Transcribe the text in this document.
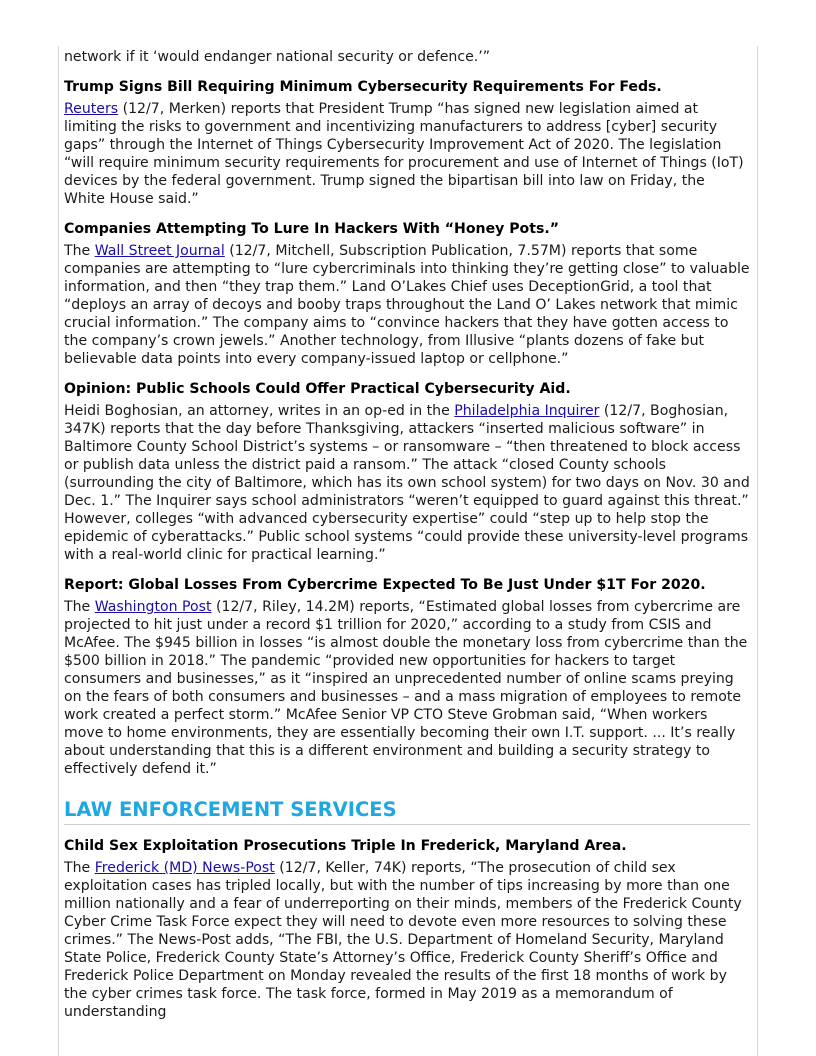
network if it ‘would endanger national security or defence.’”

Trump Signs Bill Requiring Minimum Cybersecurity Requirements For Feds.

Reuters (12/7, Merken) reports that President Trump “has signed new legislation aimed at limiting the risks to government and incentivizing manufacturers to address [cyber] security gaps” through the Internet of Things Cybersecurity Improvement Act of 2020. The legislation “will require minimum security requirements for procurement and use of Internet of Things (IoT) devices by the federal government. Trump signed the bipartisan bill into law on Friday, the White House said.”

Companies Attempting To Lure In Hackers With “Honey Pots.”

The Wall Street Journal (12/7, Mitchell, Subscription Publication, 7.57M) reports that some companies are attempting to “lure cybercriminals into thinking they’re getting close” to valuable information, and then “they trap them.” Land O’Lakes Chief uses DeceptionGrid, a tool that “deploys an array of decoys and booby traps throughout the Land O’ Lakes network that mimic crucial information.” The company aims to “convince hackers that they have gotten access to the company’s crown jewels.” Another technology, from Illusive “plants dozens of fake but believable data points into every company-issued laptop or cellphone.”

Opinion: Public Schools Could Offer Practical Cybersecurity Aid.

Heidi Boghosian, an attorney, writes in an op-ed in the Philadelphia Inquirer (12/7, Boghosian, 347K) reports that the day before Thanksgiving, attackers “inserted malicious software” in Baltimore County School District’s systems – or ransomware – “then threatened to block access or publish data unless the district paid a ransom.” The attack “closed County schools (surrounding the city of Baltimore, which has its own school system) for two days on Nov. 30 and Dec. 1.” The Inquirer says school administrators “weren’t equipped to guard against this threat.” However, colleges “with advanced cybersecurity expertise” could “step up to help stop the epidemic of cyberattacks.” Public school systems “could provide these university-level programs with a real-world clinic for practical learning.”

Report: Global Losses From Cybercrime Expected To Be Just Under $1T For 2020.

The Washington Post (12/7, Riley, 14.2M) reports, “Estimated global losses from cybercrime are projected to hit just under a record $1 trillion for 2020,” according to a study from CSIS and McAfee. The $945 billion in losses “is almost double the monetary loss from cybercrime than the $500 billion in 2018.” The pandemic “provided new opportunities for hackers to target consumers and businesses,” as it “inspired an unprecedented number of online scams preying on the fears of both consumers and businesses – and a mass migration of employees to remote work created a perfect storm.” McAfee Senior VP CTO Steve Grobman said, “When workers move to home environments, they are essentially becoming their own I.T. support. ... It’s really about understanding that this is a different environment and building a security strategy to effectively defend it.”

LAW ENFORCEMENT SERVICES
Child Sex Exploitation Prosecutions Triple In Frederick, Maryland Area.

The Frederick (MD) News-Post (12/7, Keller, 74K) reports, “The prosecution of child sex exploitation cases has tripled locally, but with the number of tips increasing by more than one million nationally and a fear of underreporting on their minds, members of the Frederick County Cyber Crime Task Force expect they will need to devote even more resources to solving these crimes.” The News-Post adds, “The FBI, the U.S. Department of Homeland Security, Maryland State Police, Frederick County State’s Attorney’s Office, Frederick County Sheriff’s Office and Frederick Police Department on Monday revealed the results of the first 18 months of work by the cyber crimes task force. The task force, formed in May 2019 as a memorandum of understanding
